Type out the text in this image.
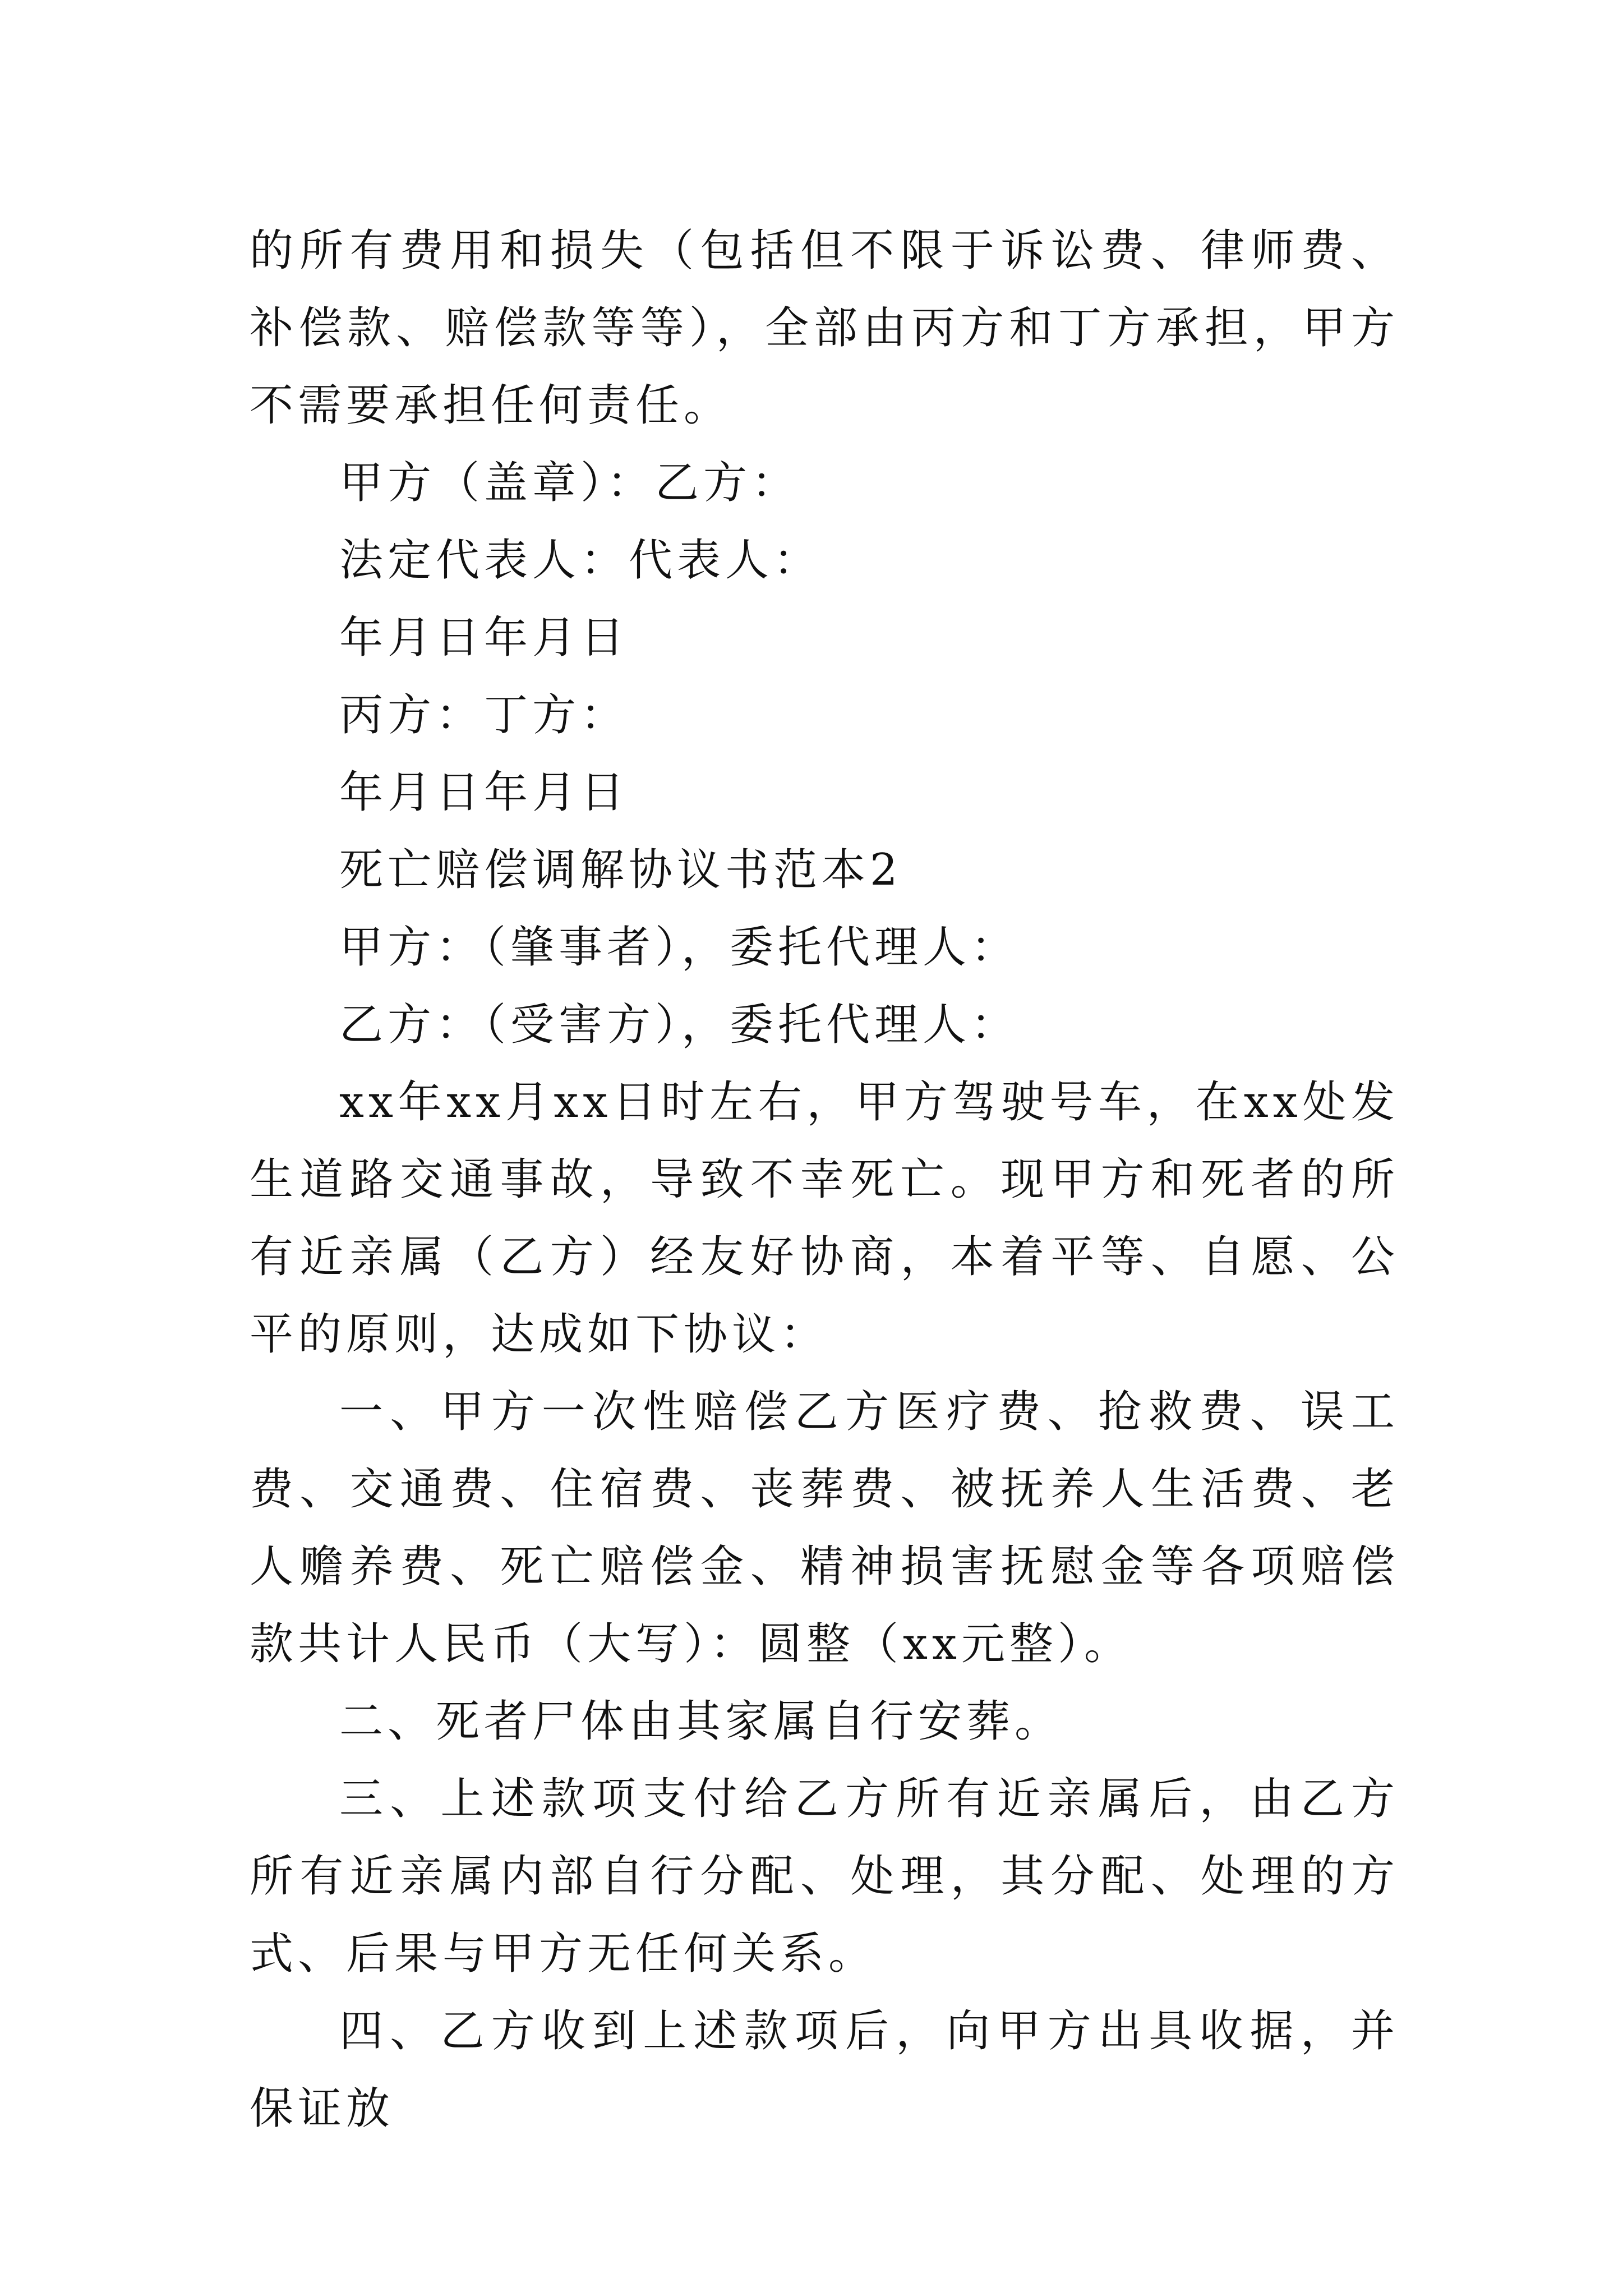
的所有费用和损失（包括但不限于诉讼费、律师费、补偿款、赔偿款等等），全部由丙方和丁方承担，甲方不需要承担任何责任。

甲方（盖章）：乙方：

法定代表人：代表人：

年月日年月日

丙方：丁方：

年月日年月日

死亡赔偿调解协议书范本2

甲方：（肇事者），委托代理人：

乙方：（受害方），委托代理人：

xx年xx月xx日时左右，甲方驾驶号车，在xx处发生道路交通事故，导致不幸死亡。现甲方和死者的所有近亲属（乙方）经友好协商，本着平等、自愿、公平的原则，达成如下协议：

一、甲方一次性赔偿乙方医疗费、抢救费、误工费、交通费、住宿费、丧葬费、被抚养人生活费、老人赡养费、死亡赔偿金、精神损害抚慰金等各项赔偿款共计人民币（大写）：圆整（xx元整）。

二、死者尸体由其家属自行安葬。

三、上述款项支付给乙方所有近亲属后，由乙方所有近亲属内部自行分配、处理，其分配、处理的方式、后果与甲方无任何关系。

四、乙方收到上述款项后，向甲方出具收据，并保证放
